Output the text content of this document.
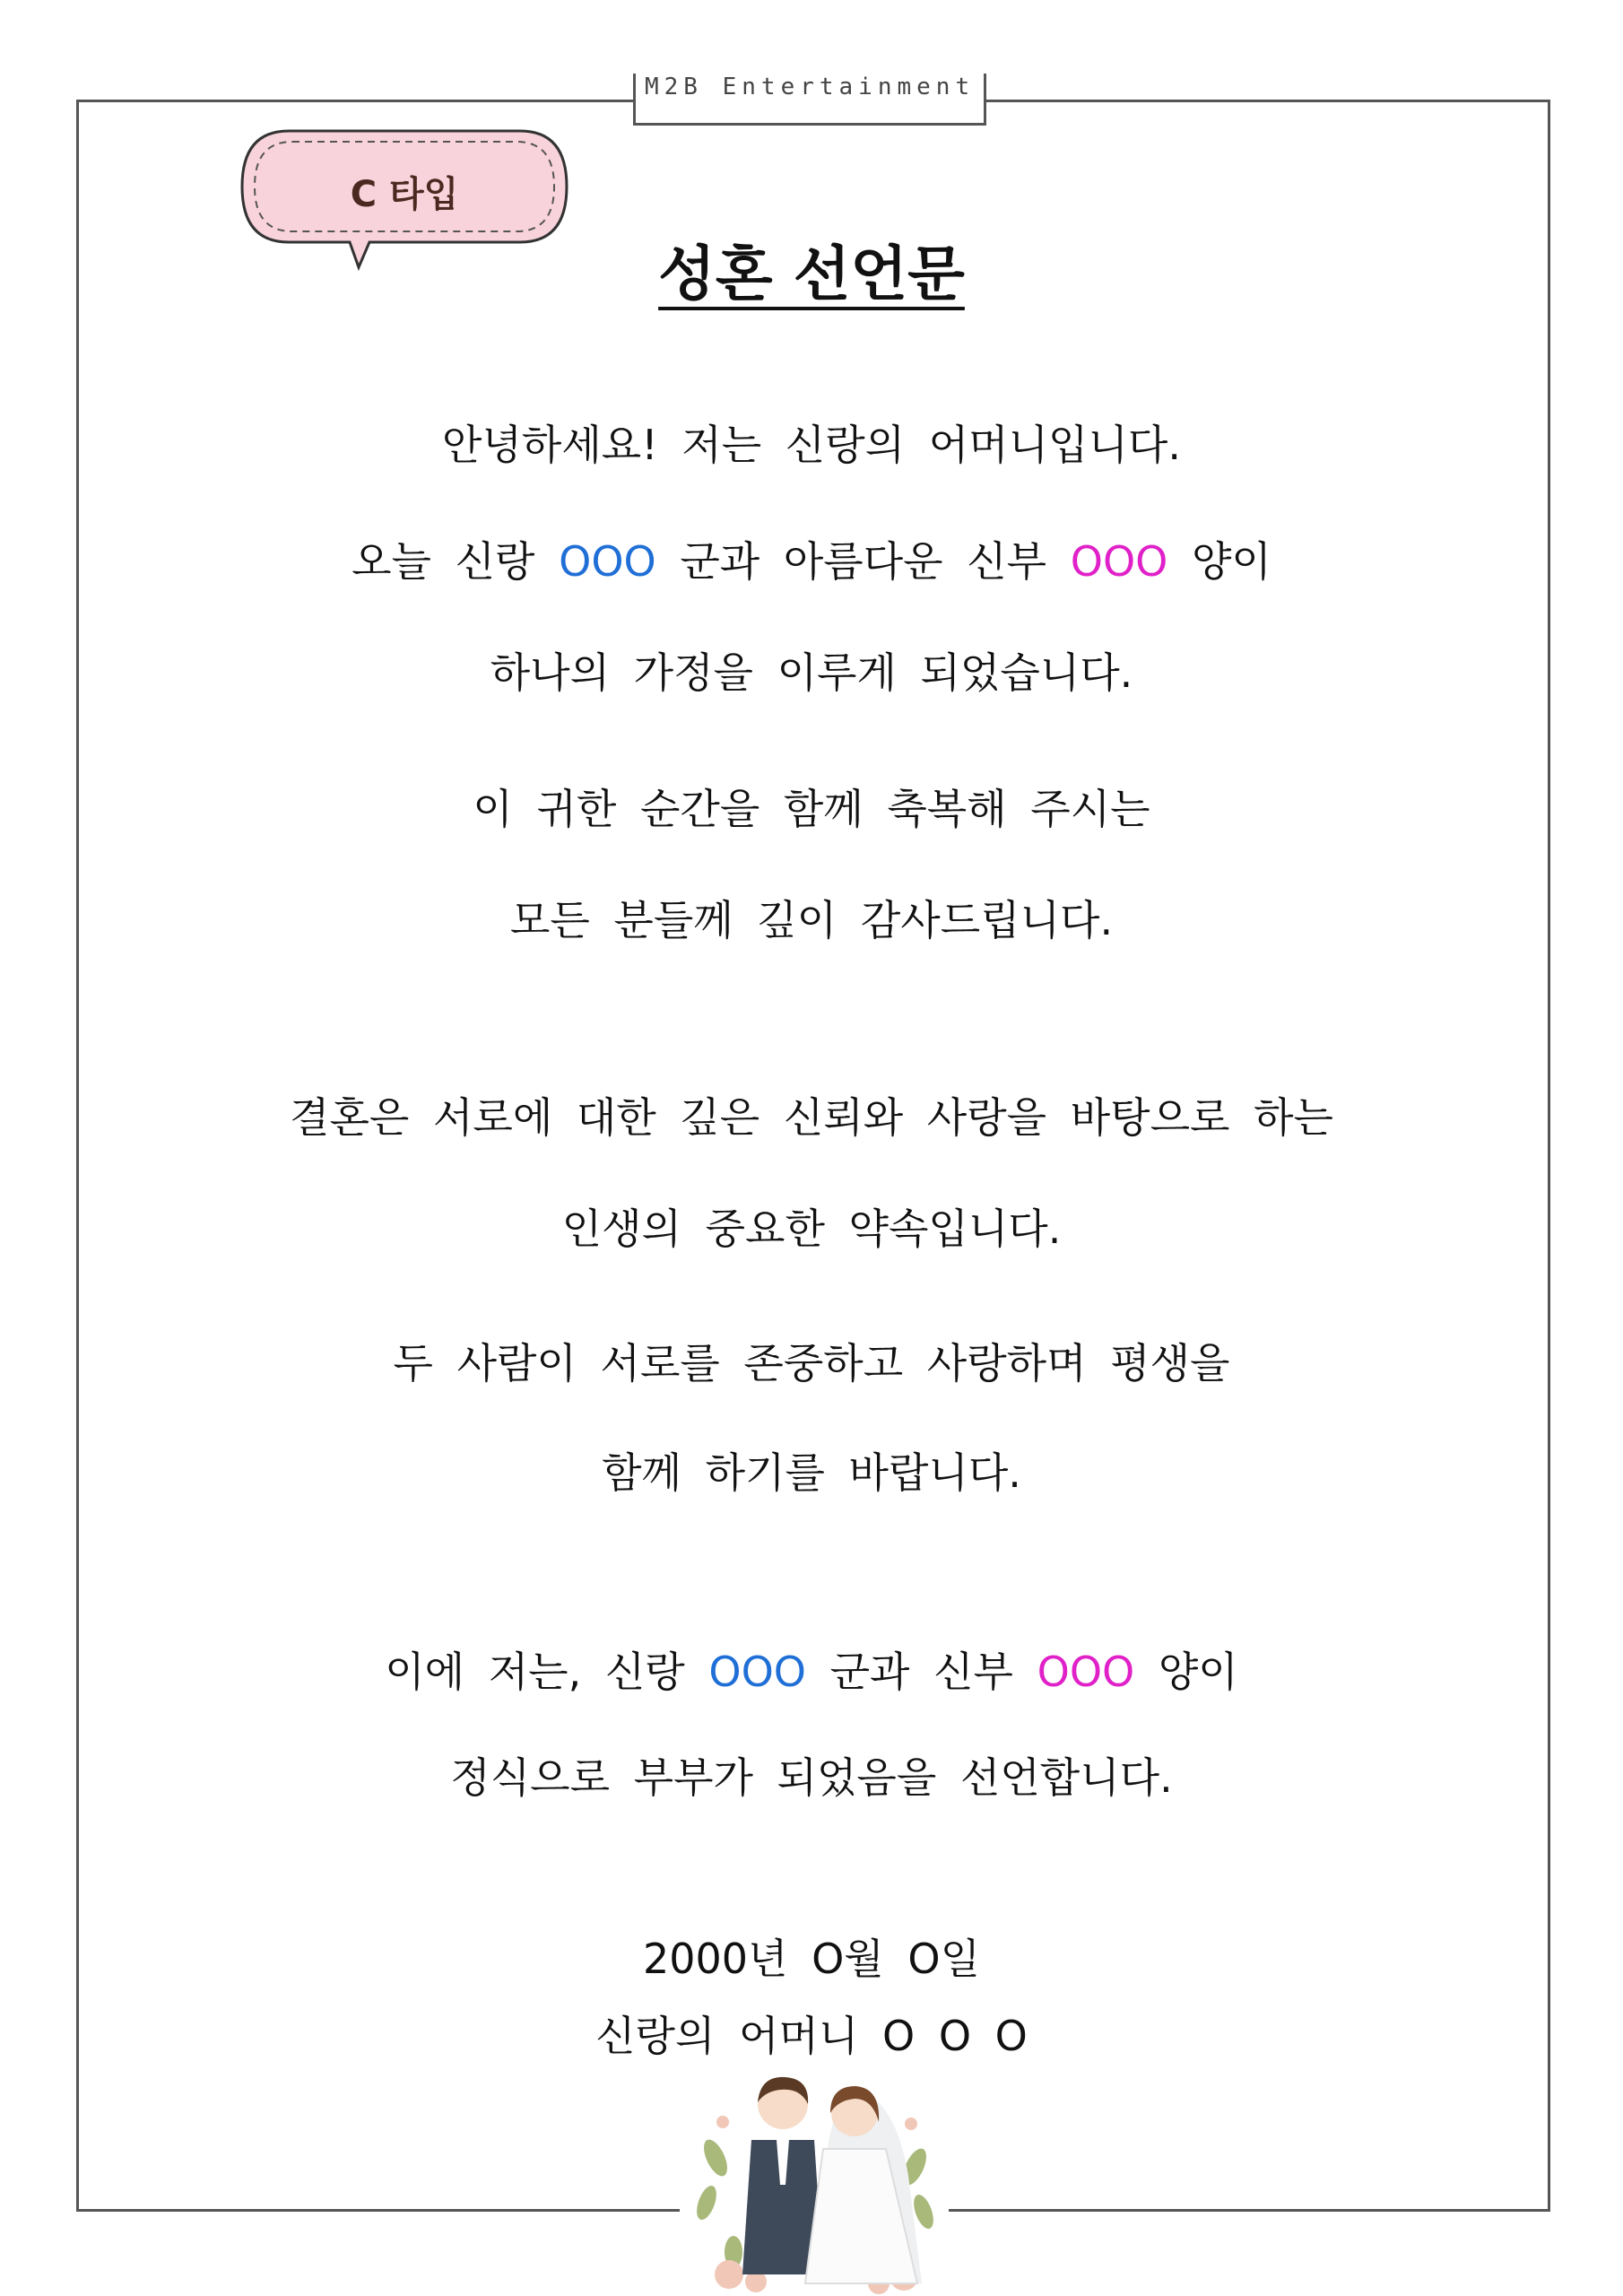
M2B Entertainment
C 타입
성혼 선언문
안녕하세요! 저는 신랑의 어머니입니다.
오늘 신랑 OOO 군과 아름다운 신부 OOO 양이
하나의 가정을 이루게 되었습니다.
이 귀한 순간을 함께 축복해 주시는
모든 분들께 깊이 감사드립니다.
결혼은 서로에 대한 깊은 신뢰와 사랑을 바탕으로 하는
인생의 중요한 약속입니다.
두 사람이 서로를 존중하고 사랑하며 평생을
함께 하기를 바랍니다.
이에 저는, 신랑 OOO 군과 신부 OOO 양이
정식으로 부부가 되었음을 선언합니다.
2000년 O월 O일
신랑의 어머니 O O O
